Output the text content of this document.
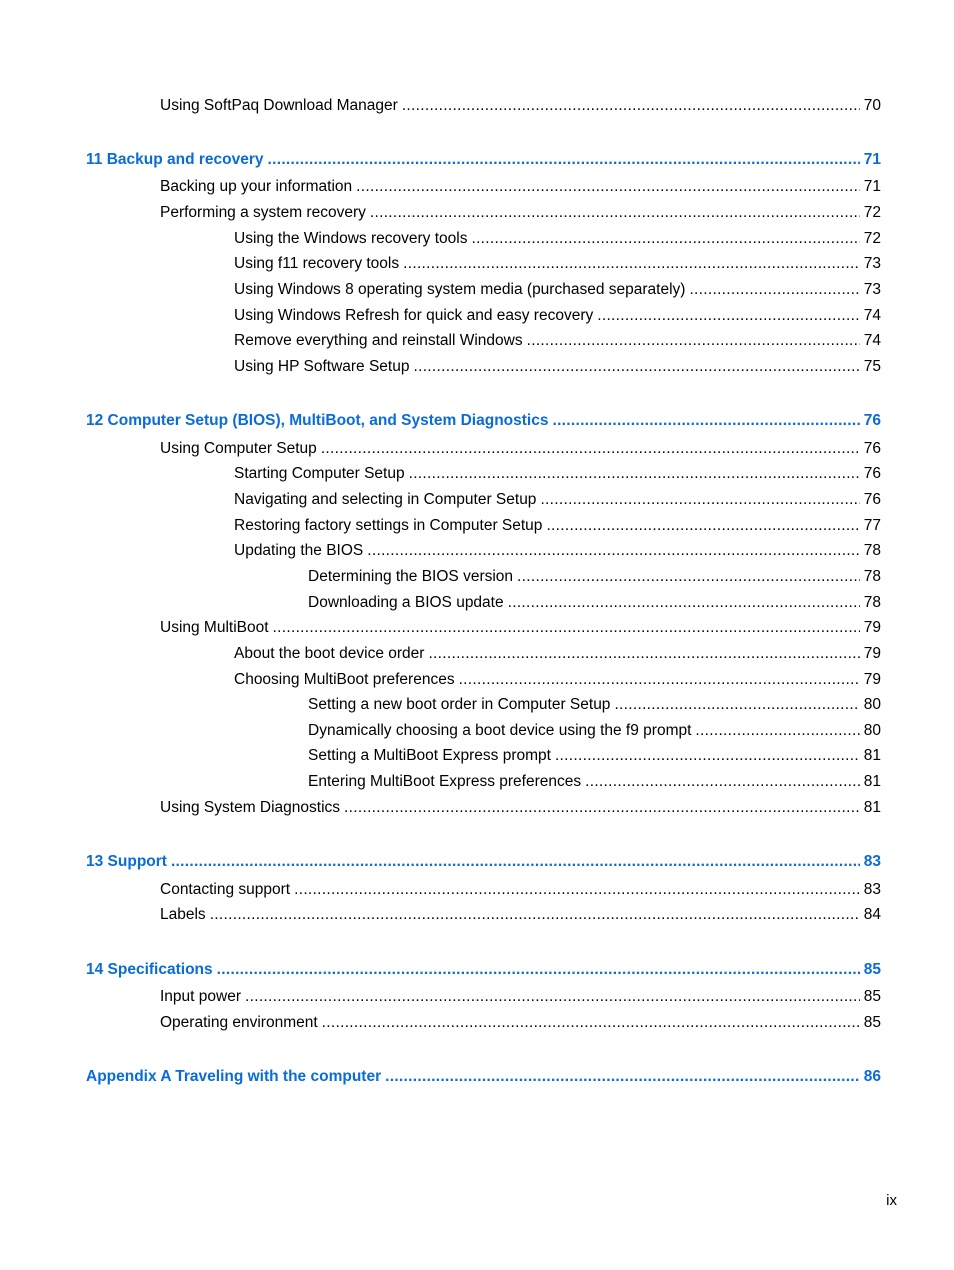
Using SoftPaq Download Manager .....	70
11 Backup and recovery .....	71
Backing up your information .....	71
Performing a system recovery .....	72
Using the Windows recovery tools .....	72
Using f11 recovery tools .....	73
Using Windows 8 operating system media (purchased separately) .....	73
Using Windows Refresh for quick and easy recovery .....	74
Remove everything and reinstall Windows .....	74
Using HP Software Setup .....	75
12 Computer Setup (BIOS), MultiBoot, and System Diagnostics .....	76
Using Computer Setup .....	76
Starting Computer Setup .....	76
Navigating and selecting in Computer Setup .....	76
Restoring factory settings in Computer Setup .....	77
Updating the BIOS .....	78
Determining the BIOS version .....	78
Downloading a BIOS update .....	78
Using MultiBoot .....	79
About the boot device order .....	79
Choosing MultiBoot preferences .....	79
Setting a new boot order in Computer Setup .....	80
Dynamically choosing a boot device using the f9 prompt .....	80
Setting a MultiBoot Express prompt .....	81
Entering MultiBoot Express preferences .....	81
Using System Diagnostics .....	81
13 Support .....	83
Contacting support .....	83
Labels .....	84
14 Specifications .....	85
Input power .....	85
Operating environment .....	85
Appendix A Traveling with the computer .....	86
ix
